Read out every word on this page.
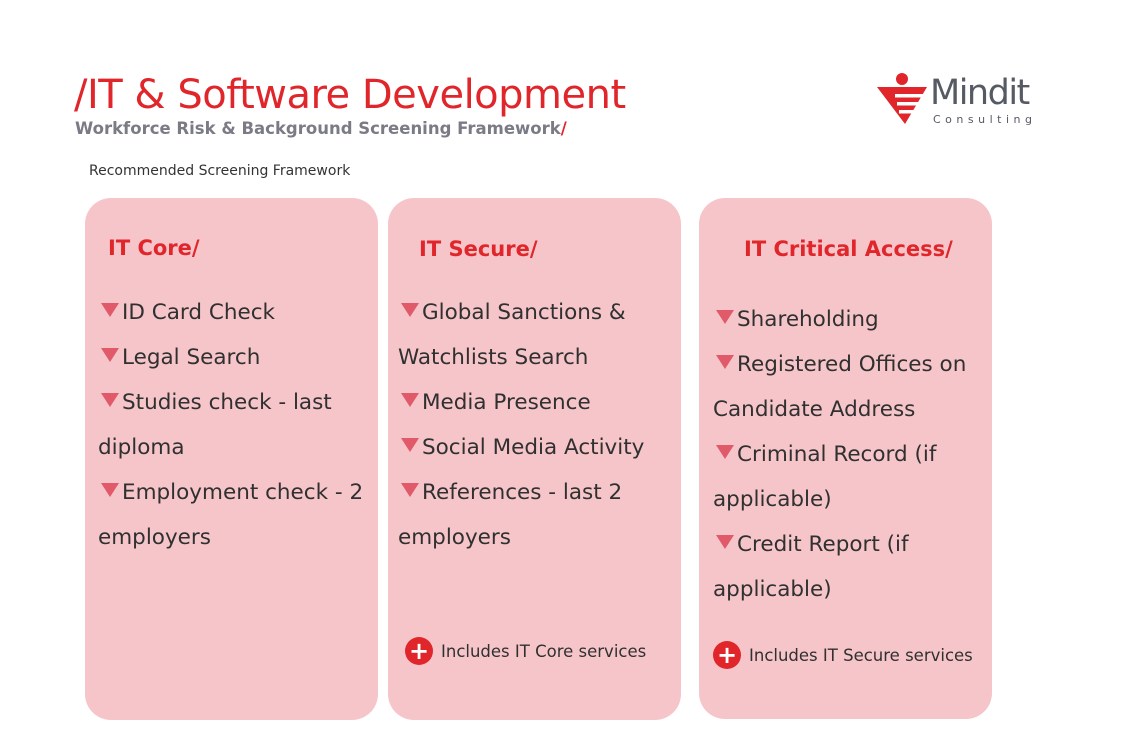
/IT & Software Development
Workforce Risk & Background Screening Framework/
Recommended Screening Framework
Mindit
Consulting
IT Core/
ID Card Check
Legal Search
Studies check - last diploma
Employment check - 2 employers
IT Secure/
Global Sanctions & Watchlists Search
Media Presence
Social Media Activity
References - last 2 employers
+ Includes IT Core services
IT Critical Access/
Shareholding
Registered Offices on Candidate Address
Criminal Record (if applicable)
Credit Report (if applicable)
+ Includes IT Secure services
